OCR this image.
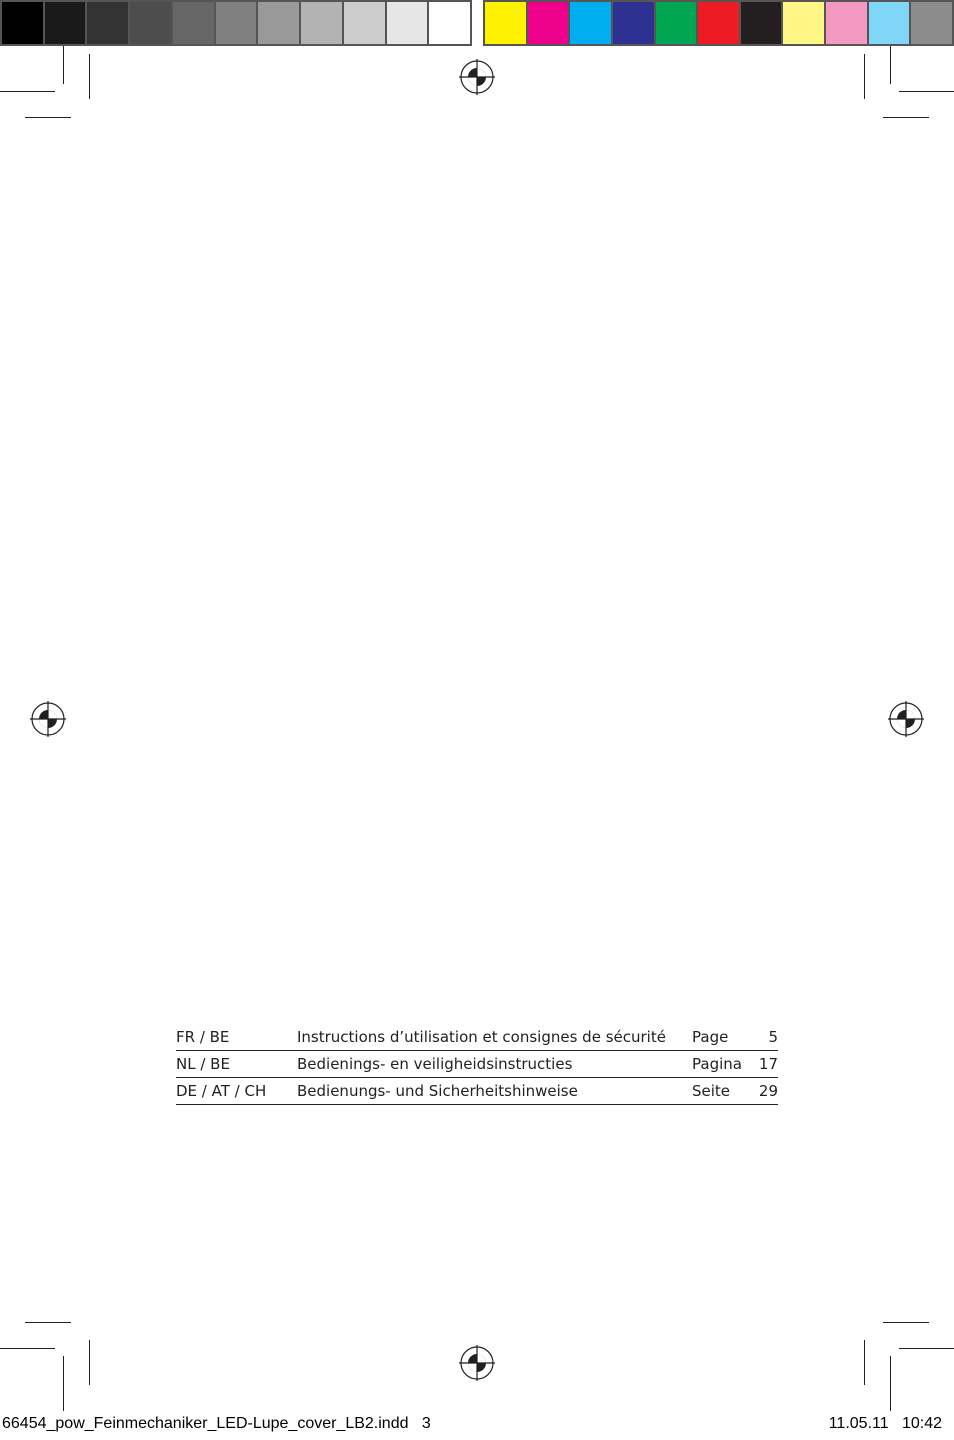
FR / BE	Instructions d’utilisation et consignes de sécurité	Page	5
NL / BE	Bedienings- en veiligheidsinstructies	Pagina	17
DE / AT / CH	Bedienungs- und Sicherheitshinweise	Seite	29
66454_pow_Feinmechaniker_LED-Lupe_cover_LB2.indd   3	11.05.11   10:42
